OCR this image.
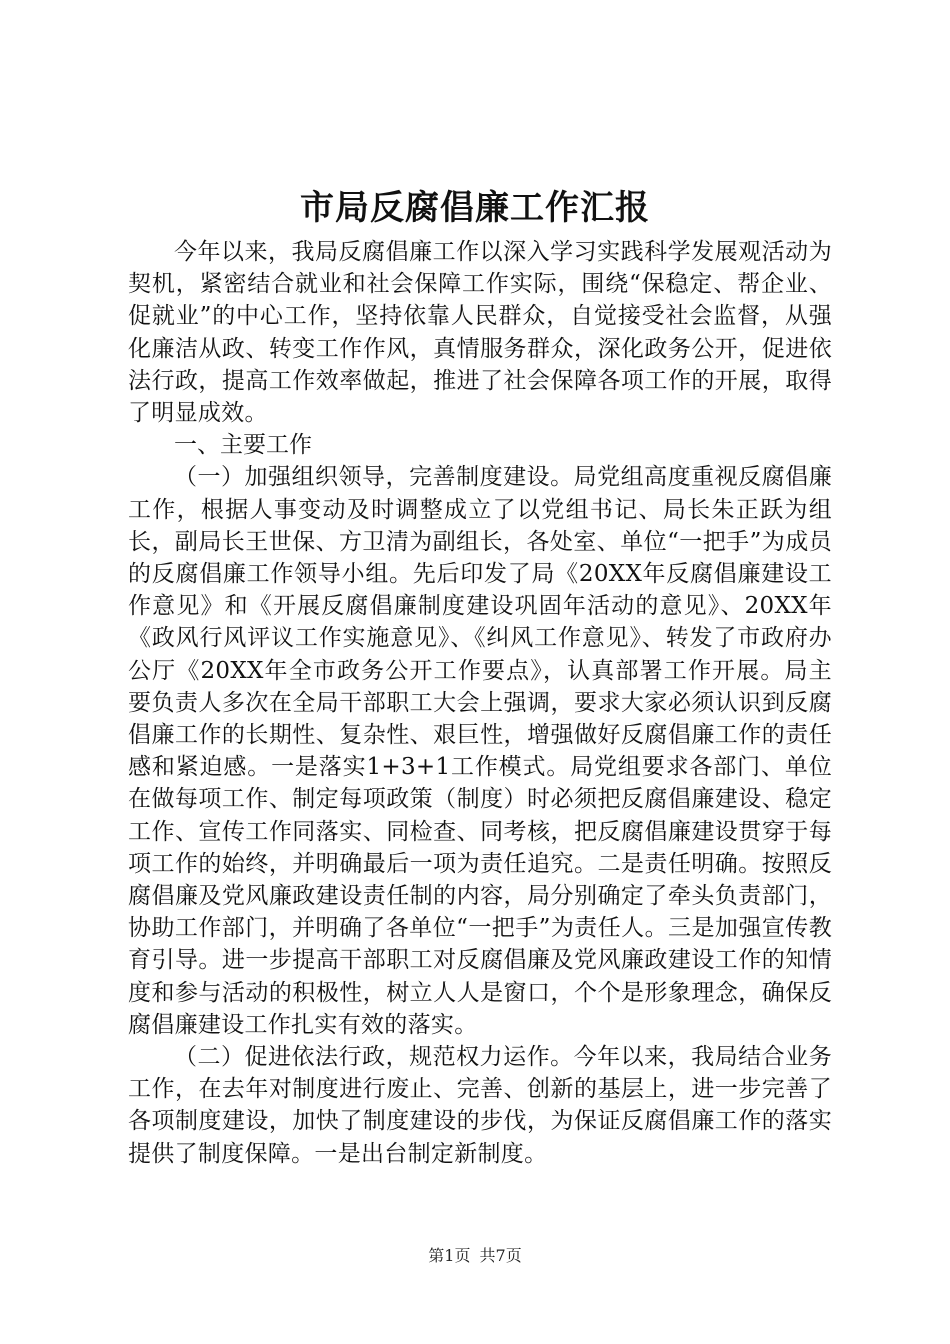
市局反腐倡廉工作汇报

今年以来，我局反腐倡廉工作以深入学习实践科学发展观活动为契机，紧密结合就业和社会保障工作实际，围绕“保稳定、帮企业、促就业”的中心工作，坚持依靠人民群众，自觉接受社会监督，从强化廉洁从政、转变工作作风，真情服务群众，深化政务公开，促进依法行政，提高工作效率做起，推进了社会保障各项工作的开展，取得了明显成效。

一、主要工作

（一）加强组织领导，完善制度建设。局党组高度重视反腐倡廉工作，根据人事变动及时调整成立了以党组书记、局长朱正跃为组长，副局长王世保、方卫清为副组长，各处室、单位“一把手”为成员的反腐倡廉工作领导小组。先后印发了局《20XX年反腐倡廉建设工作意见》和《开展反腐倡廉制度建设巩固年活动的意见》、20XX年《政风行风评议工作实施意见》、《纠风工作意见》、转发了市政府办公厅《20XX年全市政务公开工作要点》，认真部署工作开展。局主要负责人多次在全局干部职工大会上强调，要求大家必须认识到反腐倡廉工作的长期性、复杂性、艰巨性，增强做好反腐倡廉工作的责任感和紧迫感。一是落实1+3+1工作模式。局党组要求各部门、单位在做每项工作、制定每项政策（制度）时必须把反腐倡廉建设、稳定工作、宣传工作同落实、同检查、同考核，把反腐倡廉建设贯穿于每项工作的始终，并明确最后一项为责任追究。二是责任明确。按照反腐倡廉及党风廉政建设责任制的内容，局分别确定了牵头负责部门，协助工作部门，并明确了各单位“一把手”为责任人。三是加强宣传教育引导。进一步提高干部职工对反腐倡廉及党风廉政建设工作的知情度和参与活动的积极性，树立人人是窗口，个个是形象理念，确保反腐倡廉建设工作扎实有效的落实。

（二）促进依法行政，规范权力运作。今年以来，我局结合业务工作，在去年对制度进行废止、完善、创新的基层上，进一步完善了各项制度建设，加快了制度建设的步伐，为保证反腐倡廉工作的落实提供了制度保障。一是出台制定新制度。

第1页 共7页
